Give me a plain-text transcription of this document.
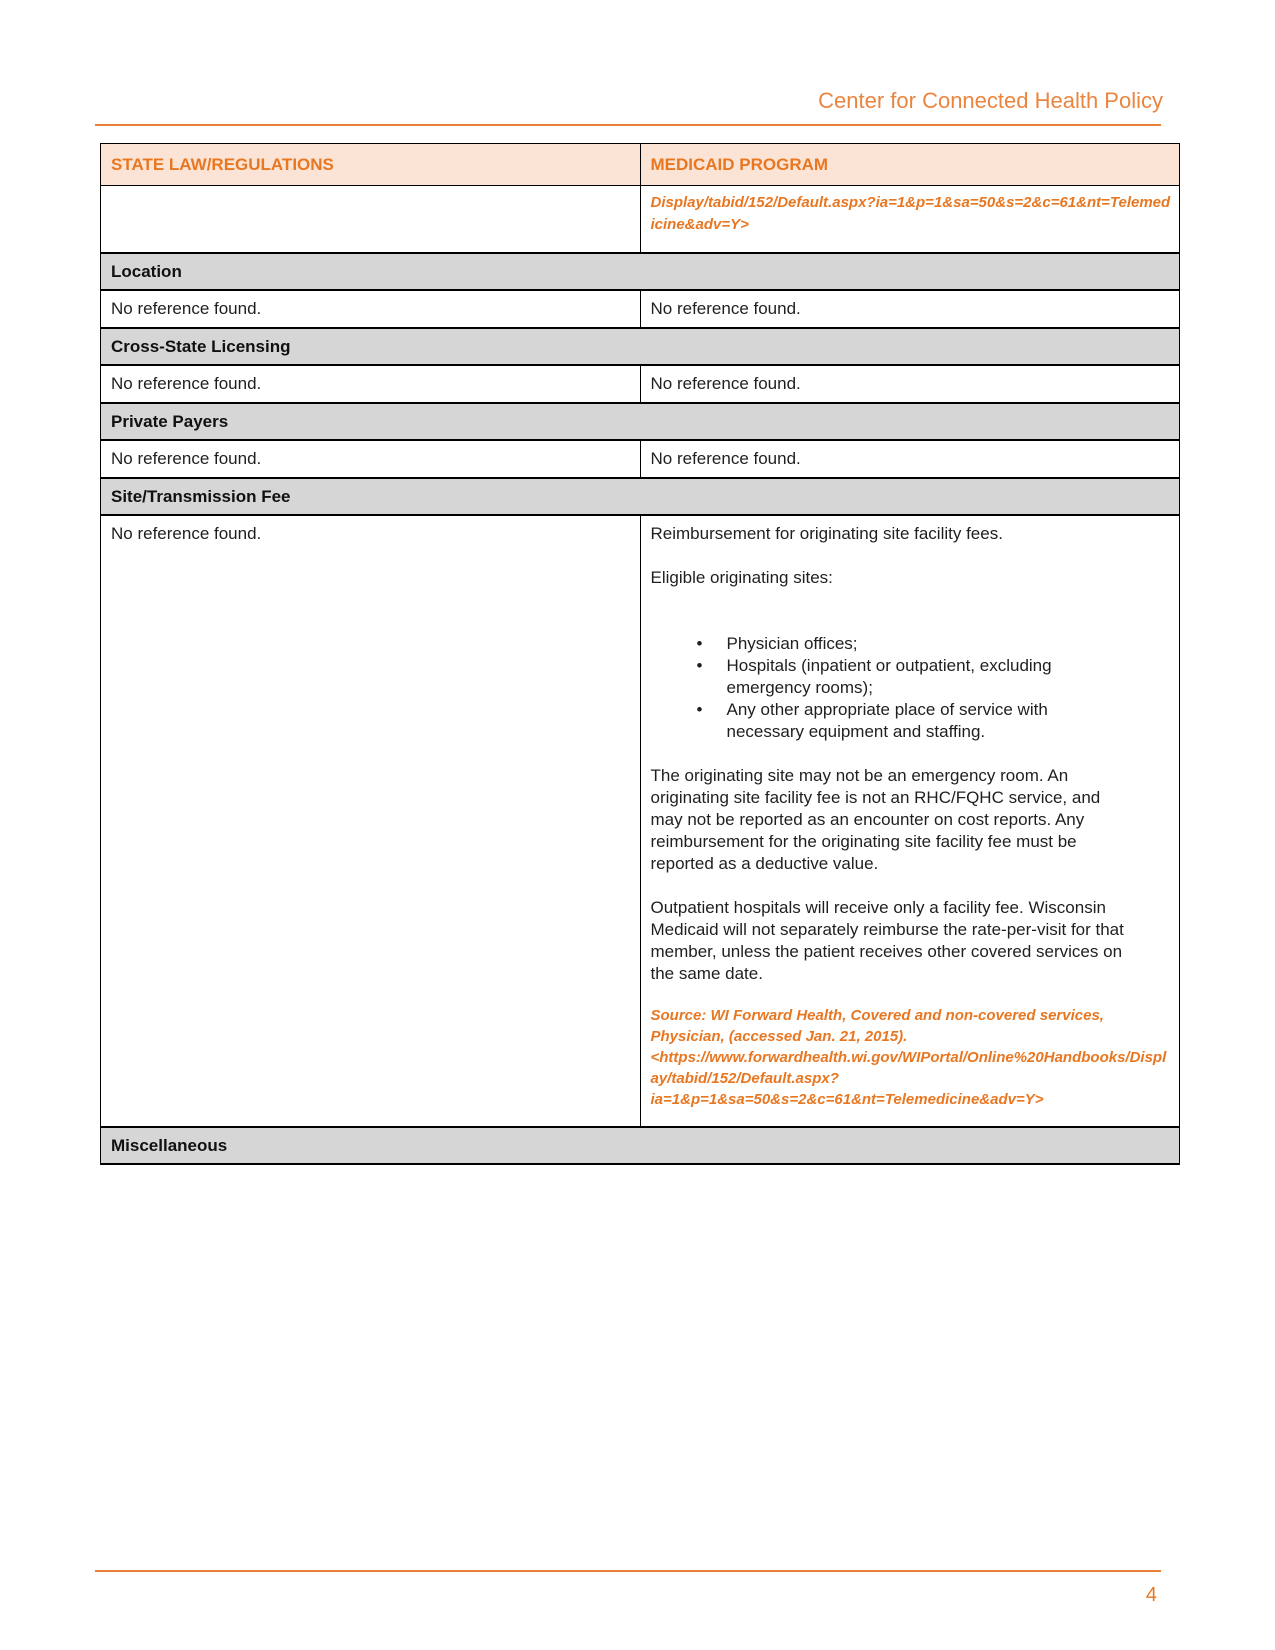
Center for Connected Health Policy
STATE LAW/REGULATIONS	MEDICAID PROGRAM

	Display/tabid/152/Default.aspx?ia=1&p=1&sa=50&s=2&c=61&nt=Telemedicine&adv=Y>

Location	
No reference found.	No reference found.
Cross-State Licensing	
No reference found.	No reference found.
Private Payers	
No reference found.	No reference found.
Site/Transmission Fee	

No reference found.	Reimbursement for originating site facility fees.
Eligible originating sites:
• Physician offices;
• Hospitals (inpatient or outpatient, excluding emergency rooms);
• Any other appropriate place of service with necessary equipment and staffing.
The originating site may not be an emergency room. An originating site facility fee is not an RHC/FQHC service, and may not be reported as an encounter on cost reports. Any reimbursement for the originating site facility fee must be reported as a deductive value.
Outpatient hospitals will receive only a facility fee. Wisconsin Medicaid will not separately reimburse the rate-per-visit for that member, unless the patient receives other covered services on the same date.
Source: WI Forward Health, Covered and non-covered services, Physician, (accessed Jan. 21, 2015). <https://www.forwardhealth.wi.gov/WIPortal/Online%20Handbooks/Display/tabid/152/Default.aspx?ia=1&p=1&sa=50&s=2&c=61&nt=Telemedicine&adv=Y>

Miscellaneous	
4
